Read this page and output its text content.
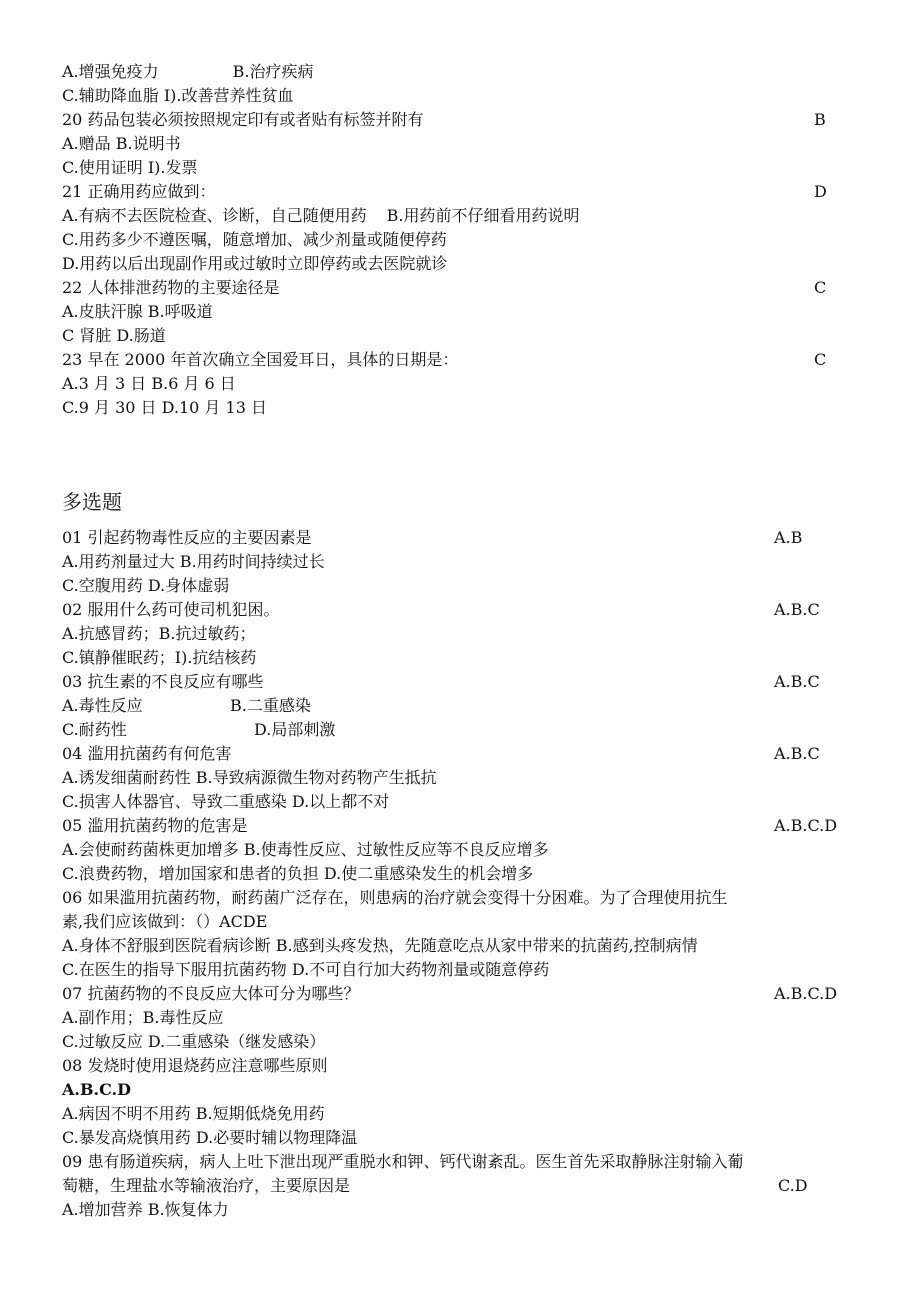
A.增强免疫力	B.治疗疾病
C.辅助降血脂 I).改善营养性贫血
20 药品包装必须按照规定印有或者贴有标签并附有	B
A.赠品 B.说明书
C.使用证明 I).发票
21 正确用药应做到：	D
A.有病不去医院检查、诊断，自己随便用药 B.用药前不仔细看用药说明
C.用药多少不遵医嘱，随意增加、减少剂量或随便停药
D.用药以后出现副作用或过敏时立即停药或去医院就诊
22 人体排泄药物的主要途径是	C
A.皮肤汗腺 B.呼吸道
C 肾脏 D.肠道
23 早在 2000 年首次确立全国爱耳日，具体的日期是：	C
A.3 月 3 日 B.6 月 6 日
C.9 月 30 日 D.10 月 13 日
多选题
01 引起药物毒性反应的主要因素是	A.B
A.用药剂量过大 B.用药时间持续过长
C.空腹用药 D.身体虚弱
02 服用什么药可使司机犯困。	A.B.C
A.抗感冒药；B.抗过敏药；
C.镇静催眠药；I).抗结核药
03 抗生素的不良反应有哪些	A.B.C
A.毒性反应	B.二重感染
C.耐药性	D.局部刺激
04 滥用抗菌药有何危害	A.B.C
A.诱发细菌耐药性 B.导致病源微生物对药物产生抵抗
C.损害人体器官、导致二重感染 D.以上都不对
05 滥用抗菌药物的危害是	A.B.C.D
A.会使耐药菌株更加增多 B.使毒性反应、过敏性反应等不良反应增多
C.浪费药物，增加国家和患者的负担 D.使二重感染发生的机会增多
06 如果滥用抗菌药物，耐药菌广泛存在，则患病的治疗就会变得十分困难。为了合理使用抗生
素,我们应该做到：（）ACDE
A.身体不舒服到医院看病诊断 B.感到头疼发热，先随意吃点从家中带来的抗菌药,控制病情
C.在医生的指导下服用抗菌药物 D.不可自行加大药物剂量或随意停药
07 抗菌药物的不良反应大体可分为哪些？	A.B.C.D
A.副作用；B.毒性反应
C.过敏反应 D.二重感染（继发感染）
08 发烧时使用退烧药应注意哪些原则
A.B.C.D
A.病因不明不用药 B.短期低烧免用药
C.暴发高烧慎用药 D.必要时辅以物理降温
09 患有肠道疾病，病人上吐下泄出现严重脱水和钾、钙代谢紊乱。医生首先采取静脉注射输入葡
萄糖，生理盐水等输液治疗，主要原因是	C.D
A.增加营养 B.恢复体力
